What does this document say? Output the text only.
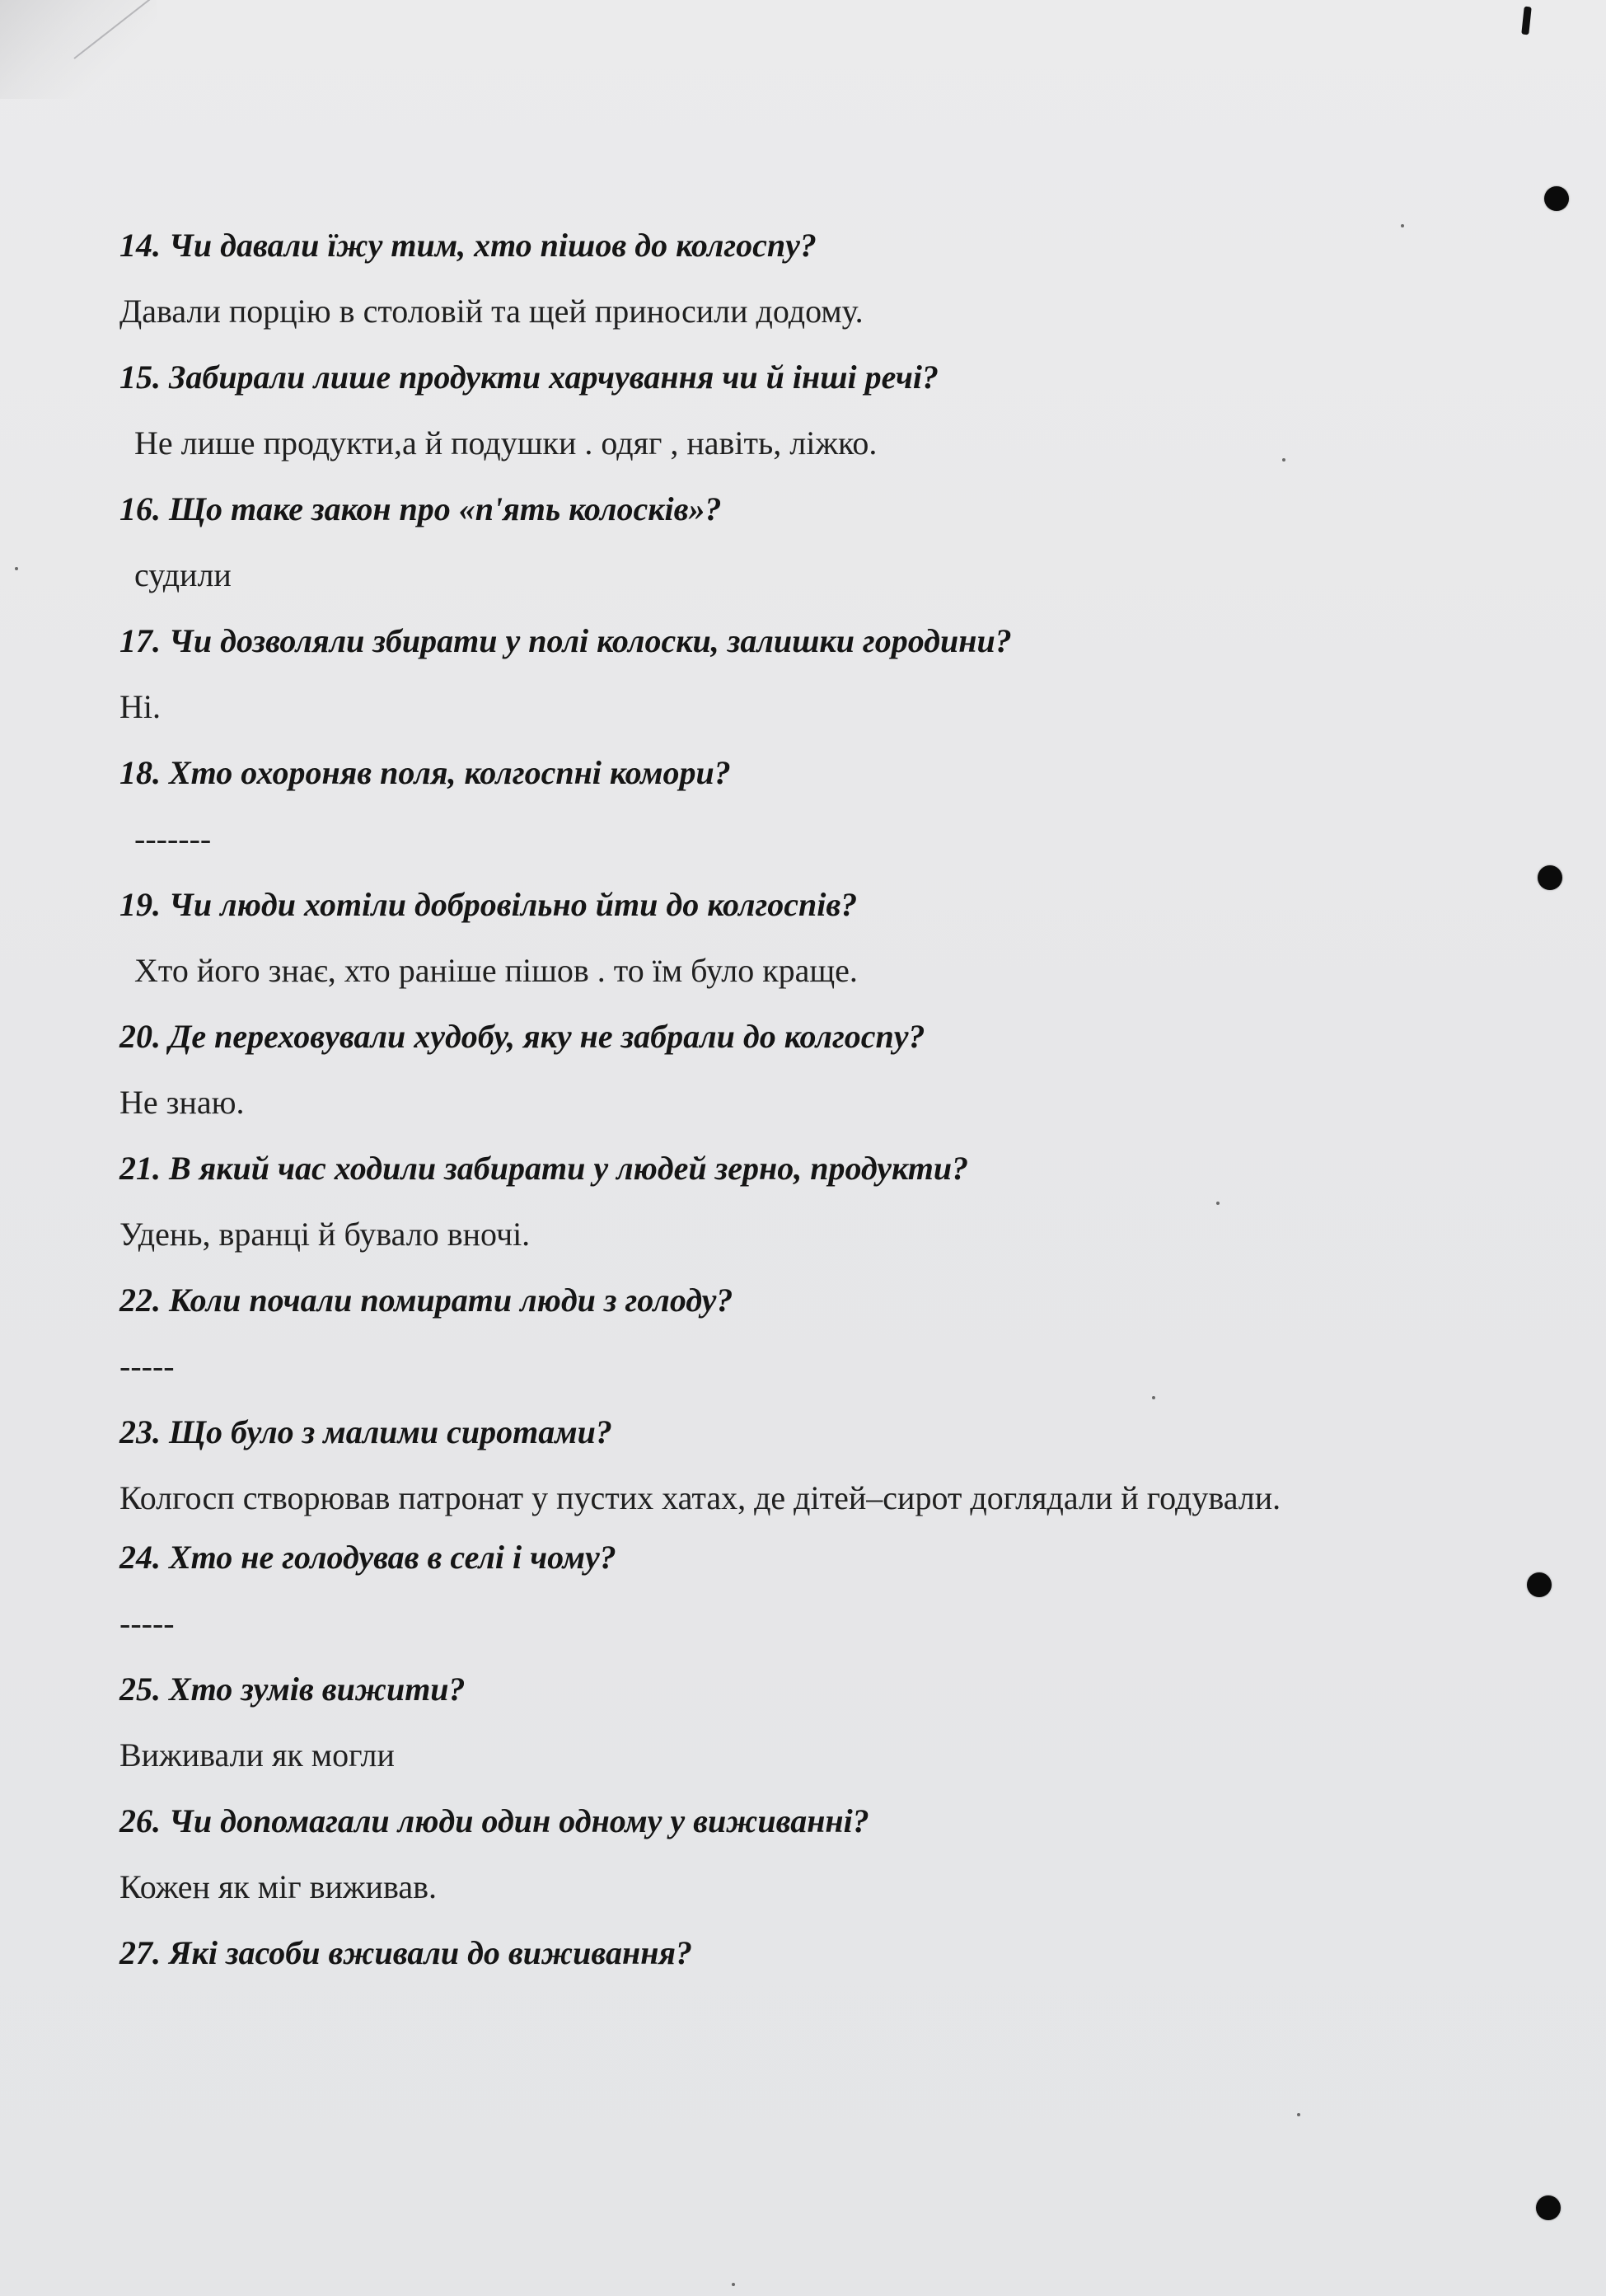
14. Чи давали їжу тим, хто пішов до колгоспу?
Давали порцію в столовій та щей приносили додому.
15. Забирали лише продукти харчування чи й інші речі?
Не лише продукти,а й подушки . одяг , навіть, ліжко.
16. Що таке закон про «п'ять колосків»?
судили
17. Чи дозволяли збирати у полі колоски, залишки городини?
Ні.
18. Хто охороняв поля, колгоспні комори?
-------
19. Чи люди хотіли добровільно йти до колгоспів?
Хто його знає, хто раніше пішов . то їм було краще.
20. Де переховували худобу, яку не забрали до колгоспу?
Не знаю.
21. В який час ходили забирати у людей зерно, продукти?
Удень, вранці й бувало вночі.
22. Коли почали помирати люди з голоду?
-----
23. Що було з малими сиротами?
Колгосп створював патронат у пустих хатах, де дітей–сирот доглядали й годували.
24. Хто не голодував в селі і чому?
-----
25. Хто зумів вижити?
Виживали як могли
26. Чи допомагали люди один одному у виживанні?
Кожен як міг виживав.
27. Які засоби вживали до виживання?
